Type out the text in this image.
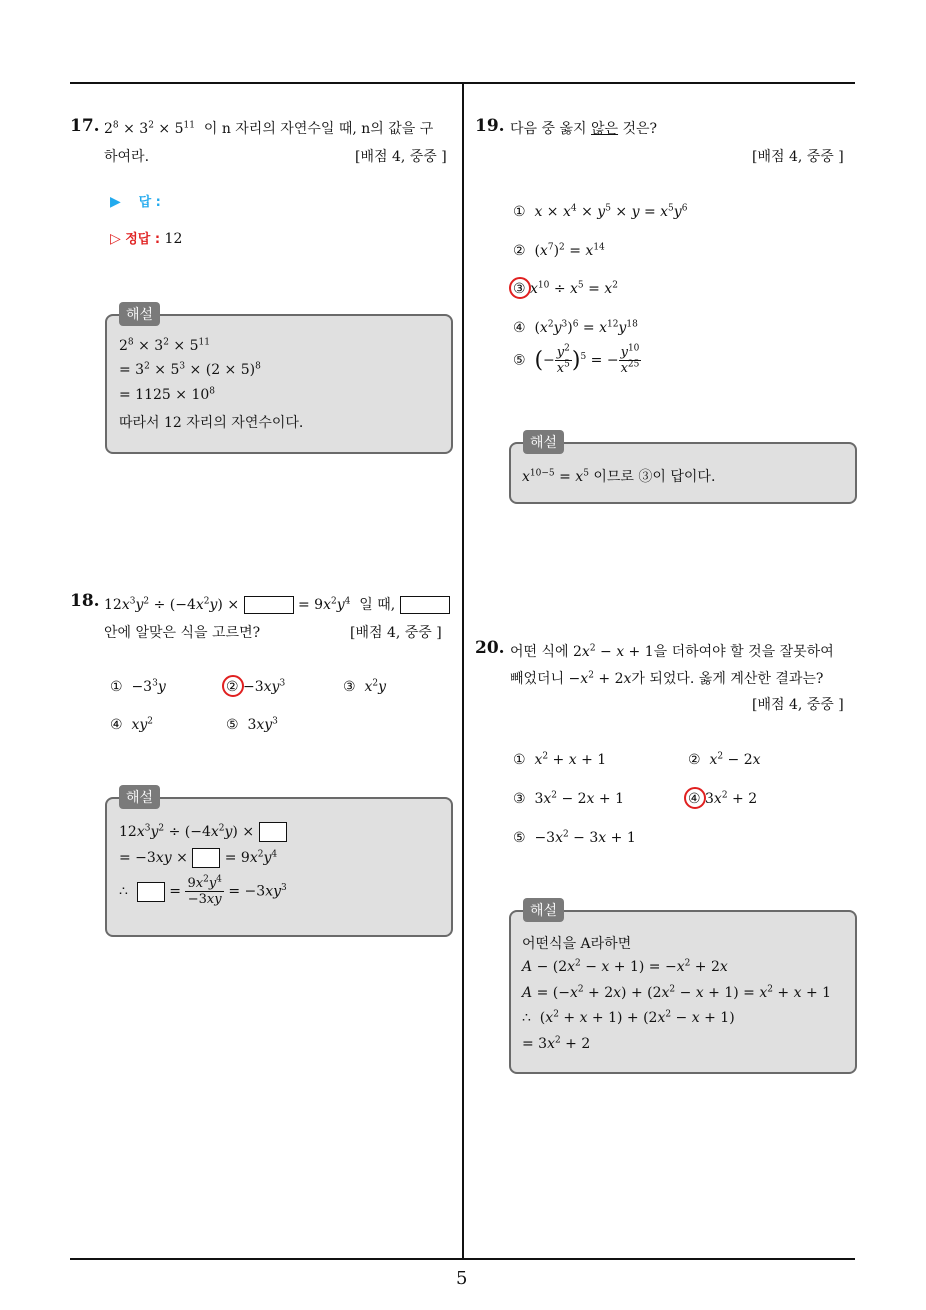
5
17. $2^8 \times 3^2 \times 5^{11}$ 이 n 자리의 자연수일 때, n의 값을 구
하여라.	[배점 4, 중중 ]
▶ 답 :
▷ 정답 : 12
해설
$2^8 \times 3^2 \times 5^{11}$
= $3^2 \times 5^3 \times (2 \times 5)^8$
= $1125 \times 10^8$
따라서 12 자리의 자연수이다.
18. $12x^3y^2 \div (-4x^2y)$ ×	= $9x^2y^4$ 일 때,
안에 알맞은 식을 고르면?	[배점 4, 중중 ]
①  $-3^3y$	② $-3xy^3$	③  $x^2y$
④  $xy^2$	⑤  $3xy^3$
해설
$12x^3y^2 \div (-4x^2y)$ ×
= −3xy ×  = $9x^2y^4$
∴   = $\frac{9x^2y^4}{-3xy} = -3xy^3$
19. 다음 중 옳지 않은 것은?
[배점 4, 중중 ]
①  $x \times x^4 \times y^5 \times y = x^5y^6$
②  $(x^7)^2 = x^{14}$
③ $x^{10} \div x^5 = x^2$
④  $(x^2y^3)^6 = x^{12}y^{18}$
⑤  (− $\frac{y^2}{x^5} )^5$ = − $\frac{y^{10}}{x^{25}}$
해설
$x^{10-5} = x^5$ 이므로 ③이 답이다.
20. 어떤 식에 $2x^2 - x + 1$을 더하여야 할 것을 잘못하여
빼었더니 $-x^2 + 2x$가 되었다. 옳게 계산한 결과는?
[배점 4, 중중 ]
①  $x^2 + x + 1$	②  $x^2 - 2x$
③  $3x^2 - 2x + 1$	④ $3x^2 + 2$
⑤  $-3x^2 - 3x + 1$
해설
어떤식을 A라하면
$A - (2x^2 - x + 1) = -x^2 + 2x$
$A = (-x^2 + 2x) + (2x^2 - x + 1) = x^2 + x + 1$
∴  $(x^2 + x + 1) + (2x^2 - x + 1)$
= $3x^2 + 2$
